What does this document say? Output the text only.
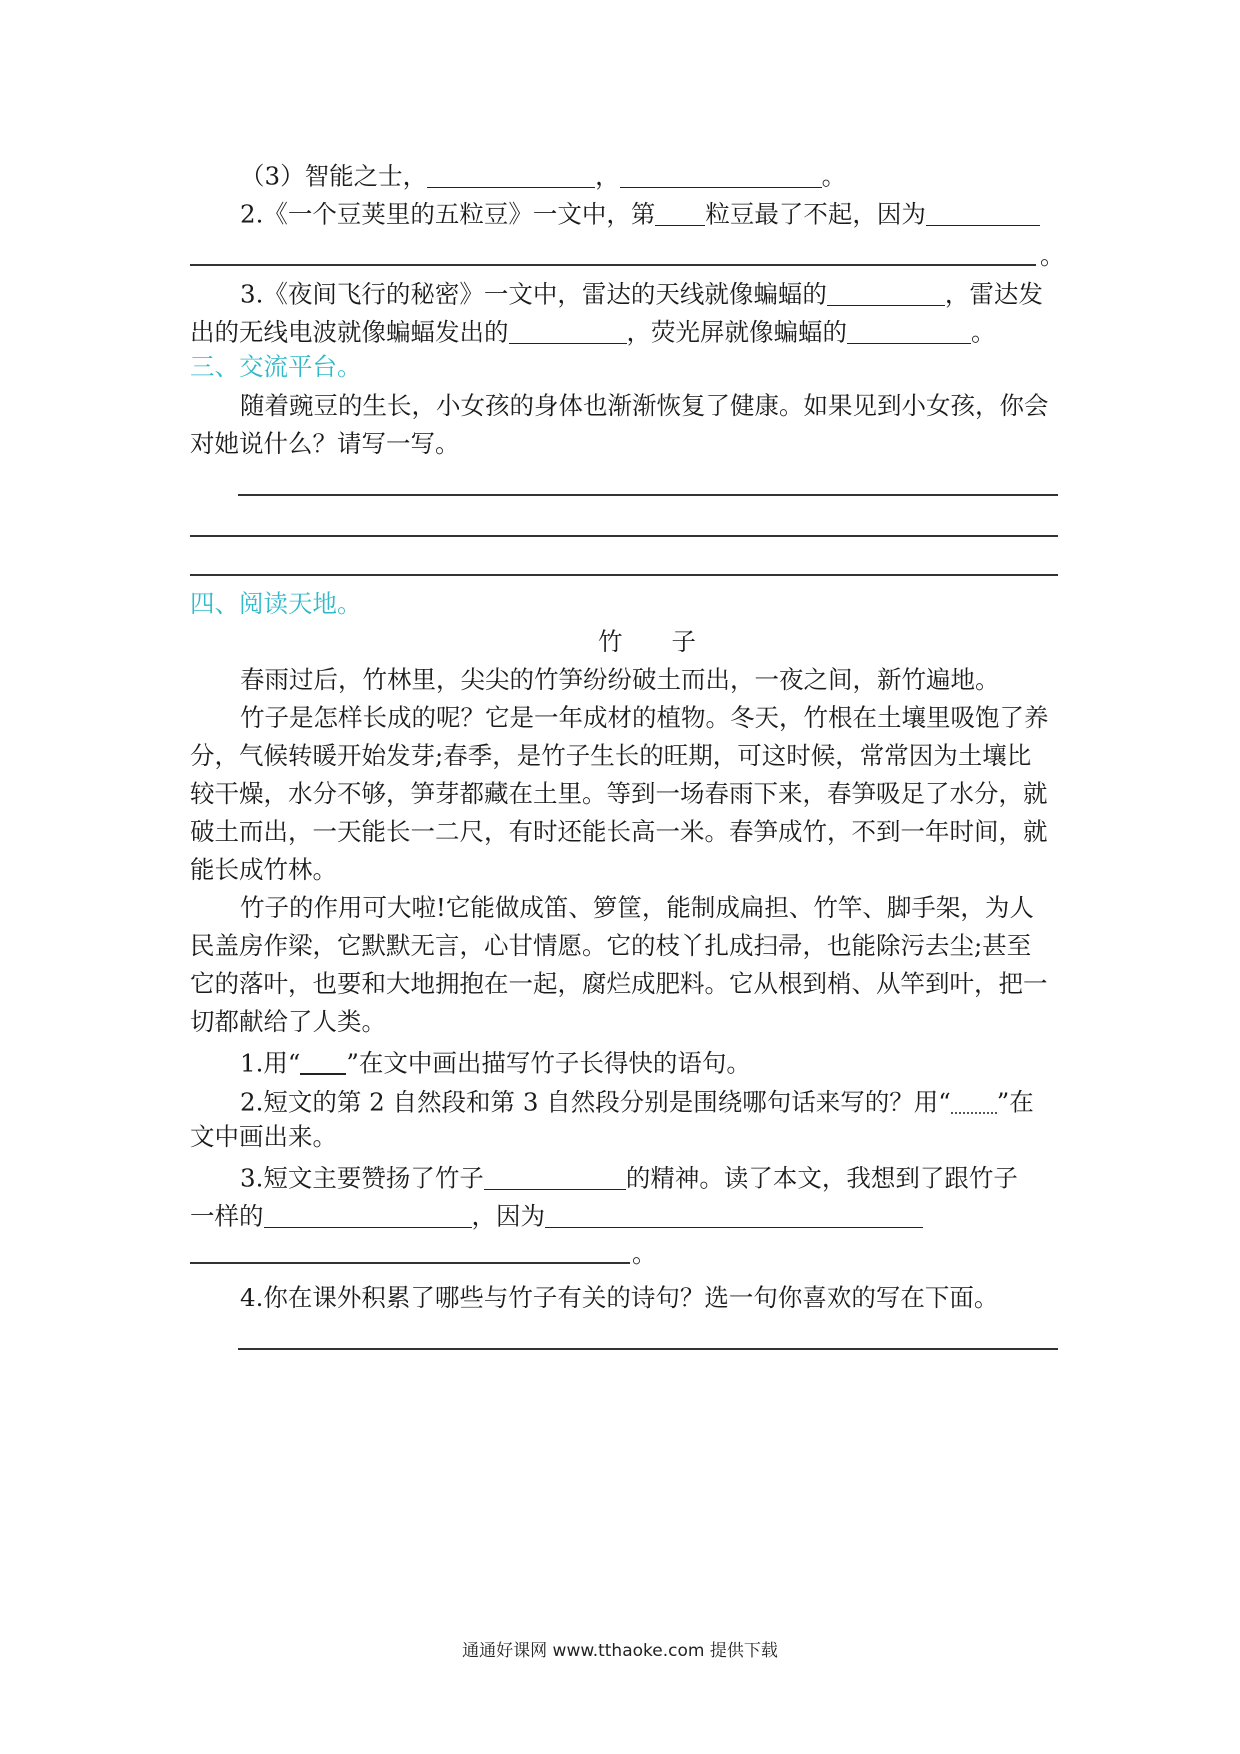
（3）智能之士，	，	。
2.《一个豆荚里的五粒豆》一文中，第 粒豆最了不起，因为
。
3.《夜间飞行的秘密》一文中，雷达的天线就像蝙蝠的	，雷达发
出的无线电波就像蝙蝠发出的	，荧光屏就像蝙蝠的	。
三、交流平台。
随着豌豆的生长，小女孩的身体也渐渐恢复了健康。如果见到小女孩，你会
对她说什么？请写一写。
四、阅读天地。
竹　　子
春雨过后，竹林里，尖尖的竹笋纷纷破土而出，一夜之间，新竹遍地。
竹子是怎样长成的呢？它是一年成材的植物。冬天，竹根在土壤里吸饱了养
分，气候转暖开始发芽;春季，是竹子生长的旺期，可这时候，常常因为土壤比
较干燥，水分不够，笋芽都藏在土里。等到一场春雨下来，春笋吸足了水分，就
破土而出，一天能长一二尺，有时还能长高一米。春笋成竹，不到一年时间，就
能长成竹林。
竹子的作用可大啦!它能做成笛、箩筐，能制成扁担、竹竿、脚手架，为人
民盖房作梁，它默默无言，心甘情愿。它的枝丫扎成扫帚，也能除污去尘;甚至
它的落叶，也要和大地拥抱在一起，腐烂成肥料。它从根到梢、从竿到叶，把一
切都献给了人类。
1.用“ ”在文中画出描写竹子长得快的语句。
2.短文的第 2 自然段和第 3 自然段分别是围绕哪句话来写的？用“ ”在
文中画出来。
3.短文主要赞扬了竹子	的精神。读了本文，我想到了跟竹子
一样的	，因为
。
4.你在课外积累了哪些与竹子有关的诗句？选一句你喜欢的写在下面。
通通好课网 www.tthaoke.com 提供下载
